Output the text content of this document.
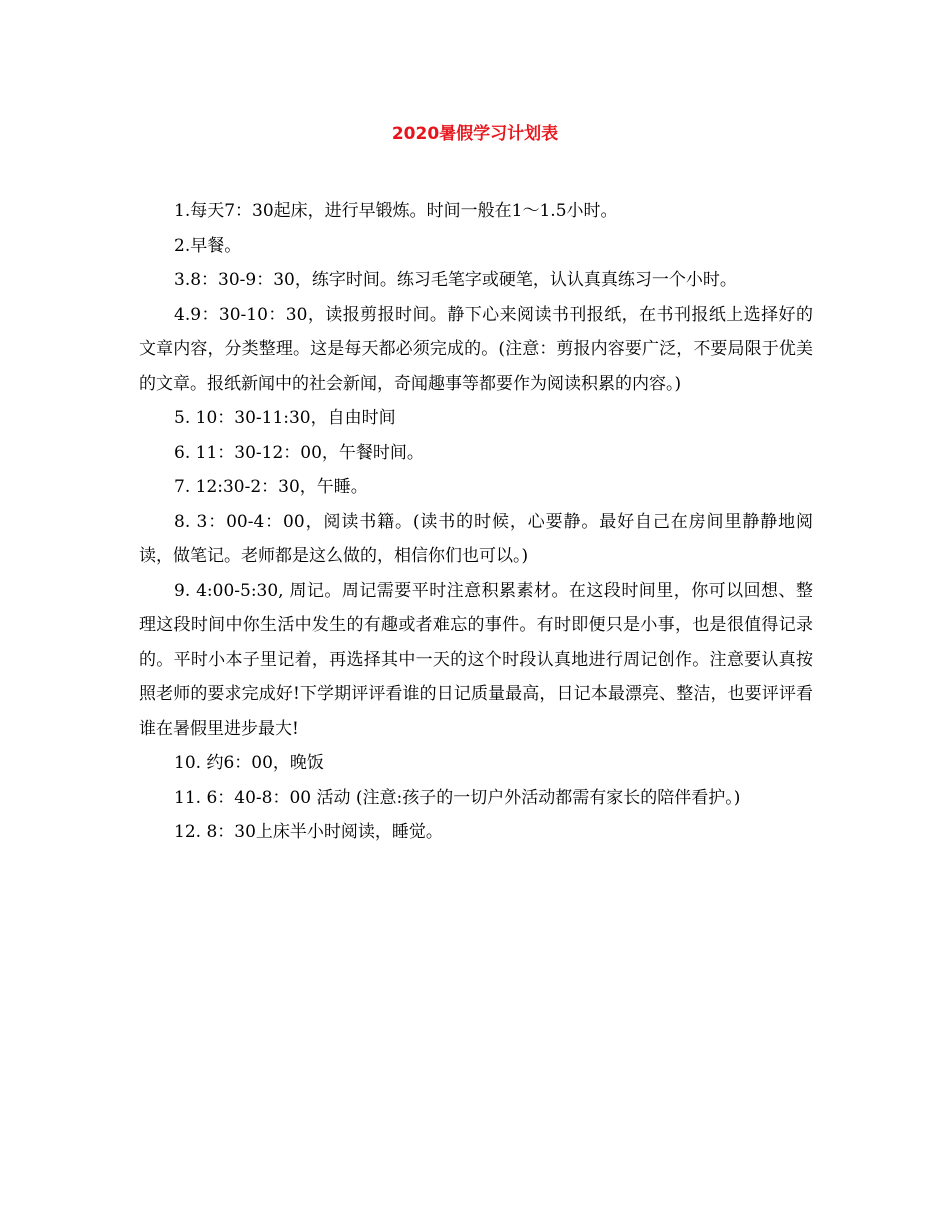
2020暑假学习计划表

1.每天7：30起床，进行早锻炼。时间一般在1～1.5小时。

2.早餐。

3.8：30-9：30，练字时间。练习毛笔字或硬笔，认认真真练习一个小时。

4.9：30-10：30，读报剪报时间。静下心来阅读书刊报纸，在书刊报纸上选择好的文章内容，分类整理。这是每天都必须完成的。(注意：剪报内容要广泛，不要局限于优美的文章。报纸新闻中的社会新闻，奇闻趣事等都要作为阅读积累的内容。)

5. 10：30-11:30，自由时间

6. 11：30-12：00，午餐时间。

7. 12:30-2：30，午睡。

8. 3：00-4：00，阅读书籍。(读书的时候，心要静。最好自己在房间里静静地阅读，做笔记。老师都是这么做的，相信你们也可以。)

9. 4:00-5:30, 周记。周记需要平时注意积累素材。在这段时间里，你可以回想、整理这段时间中你生活中发生的有趣或者难忘的事件。有时即便只是小事，也是很值得记录的。平时小本子里记着，再选择其中一天的这个时段认真地进行周记创作。注意要认真按照老师的要求完成好!下学期评评看谁的日记质量最高，日记本最漂亮、整洁，也要评评看谁在暑假里进步最大!

10. 约6：00，晚饭

11. 6：40-8：00 活动 (注意:孩子的一切户外活动都需有家长的陪伴看护。)

12. 8：30上床半小时阅读，睡觉。
